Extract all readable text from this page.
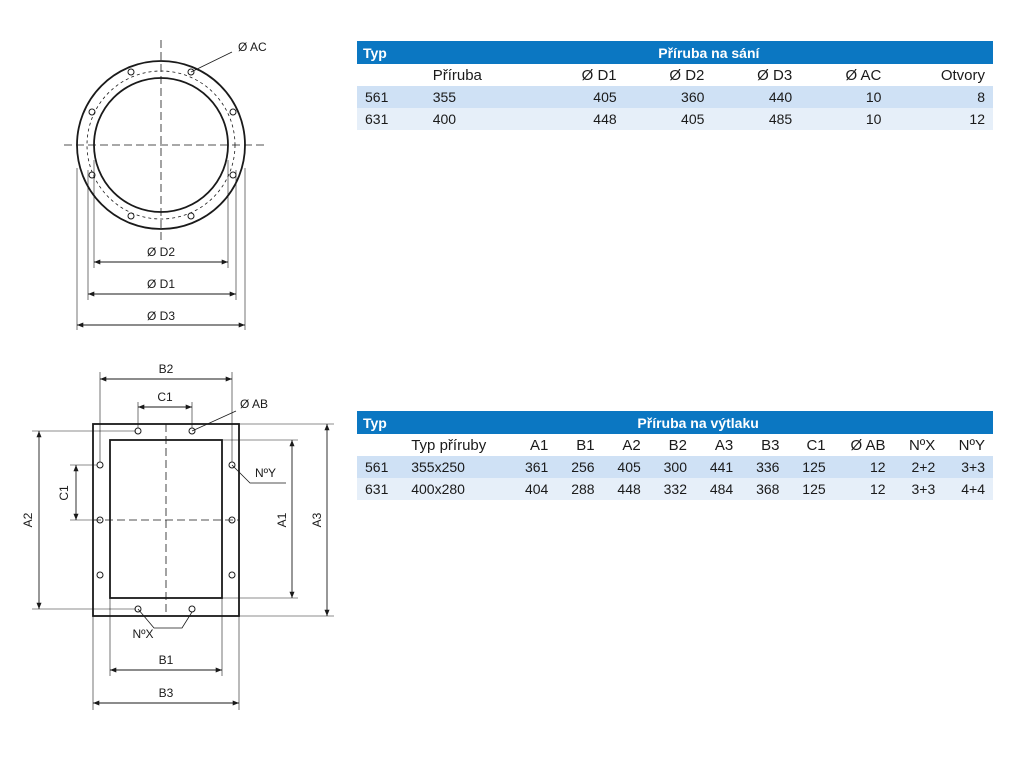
Ø AC
Ø D2
Ø D1
Ø D3
B2
C1	Ø AB
NºY
C1
A2	A1 A3
NºX
B1
B3
Typ	Příruba na sání					
	Příruba	Ø D1	Ø D2	Ø D3	Ø AC	Otvory
561	355	405	360	440	10	8
631	400	448	405	485	10	12
Typ	Příruba na výtlaku										
	Typ příruby	A1	B1	A2	B2	A3	B3	C1	Ø AB	NºX	NºY
561	355x250	361	256	405	300	441	336	125	12	2+2	3+3
631	400x280	404	288	448	332	484	368	125	12	3+3	4+4
